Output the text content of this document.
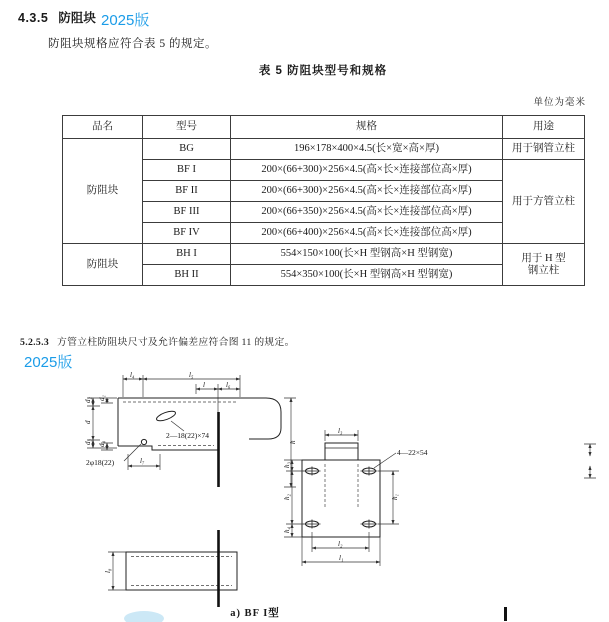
4.3.5 防阻块 2025版
防阻块规格应符合表 5 的规定。
表 5 防阻块型号和规格
单位为毫米
品名	型号	规格	用途
防阻块	BG	196×178×400×4.5(长×宽×高×厚)	用于钢管立柱
	BF I	200×(66+300)×256×4.5(高×长×连接部位高×厚)	用于方管立柱
	BF II	200×(66+300)×256×4.5(高×长×连接部位高×厚)	
	BF III	200×(66+350)×256×4.5(高×长×连接部位高×厚)	
	BF IV	200×(66+400)×256×4.5(高×长×连接部位高×厚)	
防阻块	BH I	554×150×100(长×H 型钢高×H 型钢宽)	用于 H 型
钢立柱

	BH II	554×350×100(长×H 型钢高×H 型钢宽)	
5.2.5.3 方管立柱防阻块尺寸及允许偏差应符合图 11 的规定。
2025版
l₄	l₅
l	l₆
h
2—18(22)×74
2φ18(22)	l₇
d₂
d
d₃
d₁
d₄
l₃
4—22×54
h₃
h₂
h₄
h₁
l₂
l₁
l₈
a) BF I型
